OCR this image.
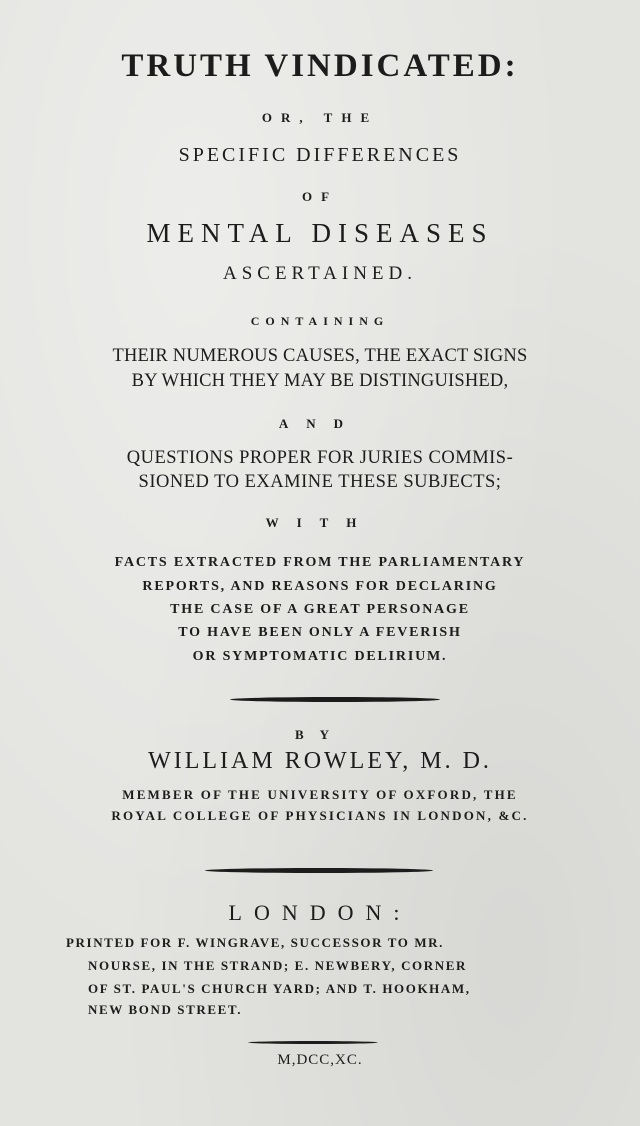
TRUTH VINDICATED:
OR, THE
SPECIFIC DIFFERENCES
OF
MENTAL DISEASES
ASCERTAINED.
CONTAINING
THEIR NUMEROUS CAUSES, THE EXACT SIGNS
BY WHICH THEY MAY BE DISTINGUISHED,
AND
QUESTIONS PROPER FOR JURIES COMMIS-
SIONED TO EXAMINE THESE SUBJECTS;
WITH
FACTS EXTRACTED FROM THE PARLIAMENTARY
REPORTS, AND REASONS FOR DECLARING
THE CASE OF A GREAT PERSONAGE
TO HAVE BEEN ONLY A FEVERISH
OR SYMPTOMATIC DELIRIUM.
BY
WILLIAM ROWLEY, M. D.
MEMBER OF THE UNIVERSITY OF OXFORD, THE
ROYAL COLLEGE OF PHYSICIANS IN LONDON, &C.
LONDON:
PRINTED FOR F. WINGRAVE, SUCCESSOR TO MR.
NOURSE, IN THE STRAND; E. NEWBERY, CORNER
OF ST. PAUL'S CHURCH YARD; AND T. HOOKHAM,
NEW BOND STREET.
M,DCC,XC.
